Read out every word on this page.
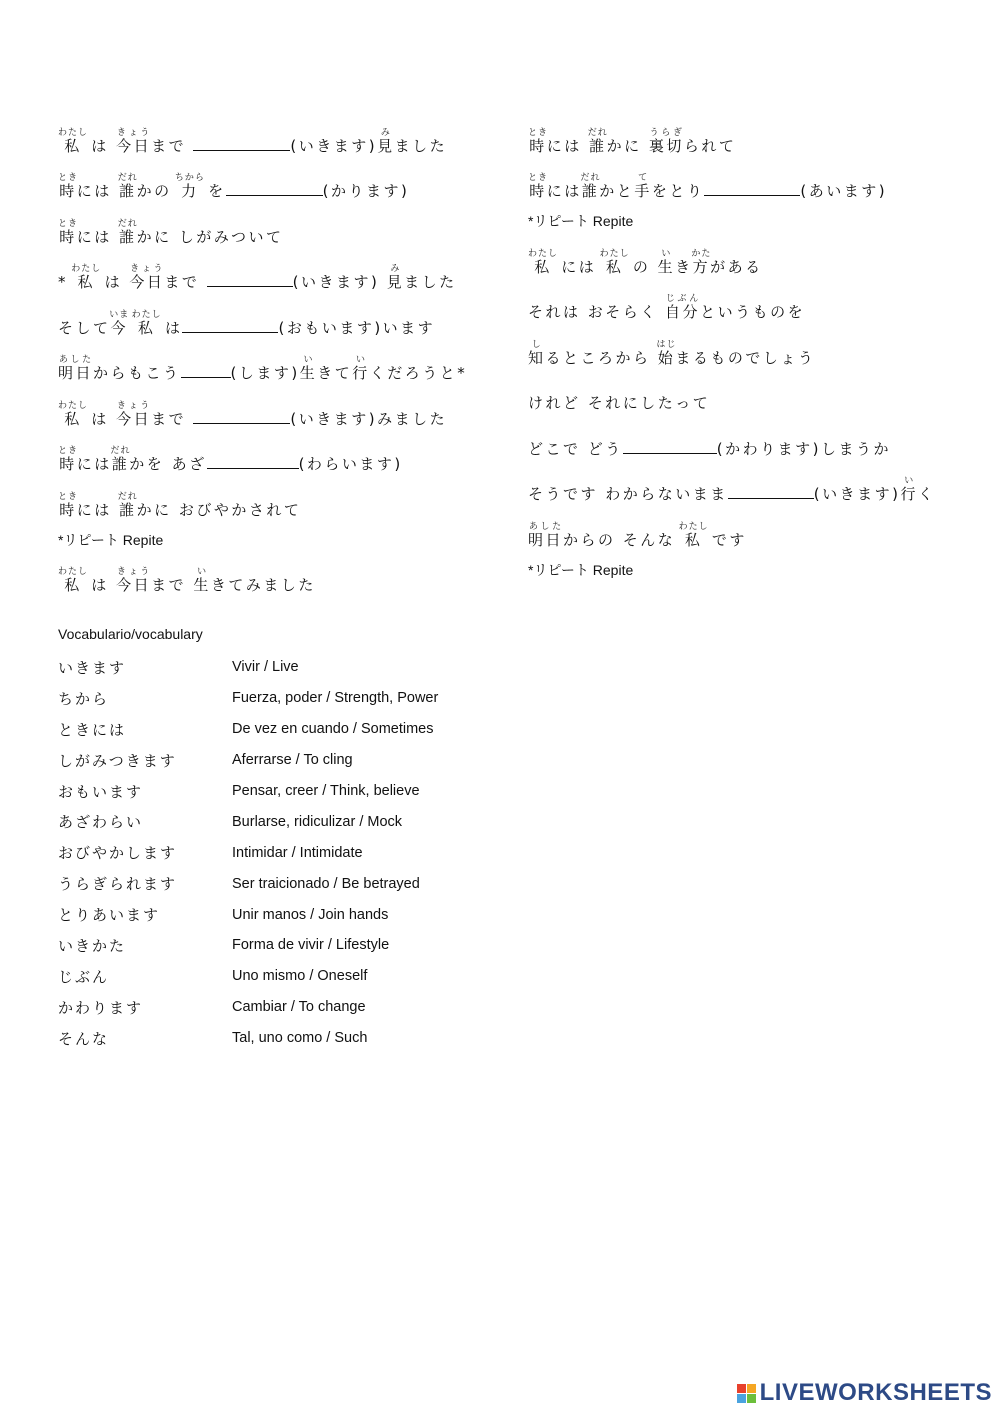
私わたし は 今日きょうまで	(いきます)見みました
時ときには 誰だれかの 力ちから を	(かります)
時ときには 誰だれかに しがみついて
* 私わたし は 今日きょうまで	(いきます) 見みました
そして今いま 私わたし は	(おもいます)います
明日あしたからもこう	(します)生いきて行いくだろうと*
私わたし は 今日きょうまで	(いきます)みました
時ときには誰だれかを あざ	(わらいます)
時ときには 誰だれかに おびやかされて
*リピート Repite
私わたし は 今日きょうまで 生いきてみました
時ときには 誰だれかに 裏切うらぎられて
時ときには誰だれかと手てをとり	(あいます)
*リピート Repite
私わたし には 私わたし の 生いき方かたがある
それは おそらく 自分じぶんというものを
知しるところから 始はじまるものでしょう
けれど それにしたって
どこで どう	(かわります)しまうか
そうです わからないまま	(いきます)行いく
明日あしたからの そんな 私わたし です
*リピート Repite
Vocabulario/vocabulary
いきます	Vivir / Live
ちから	Fuerza, poder / Strength, Power
ときには	De vez en cuando / Sometimes
しがみつきます	Aferrarse / To cling
おもいます	Pensar, creer / Think, believe
あざわらい	Burlarse, ridiculizar / Mock
おびやかします	Intimidar / Intimidate
うらぎられます	Ser traicionado / Be betrayed
とりあいます	Unir manos / Join hands
いきかた	Forma de vivir / Lifestyle
じぶん	Uno mismo / Oneself
かわります	Cambiar / To change
そんな	Tal, uno como / Such
LIVEWORKSHEETS
